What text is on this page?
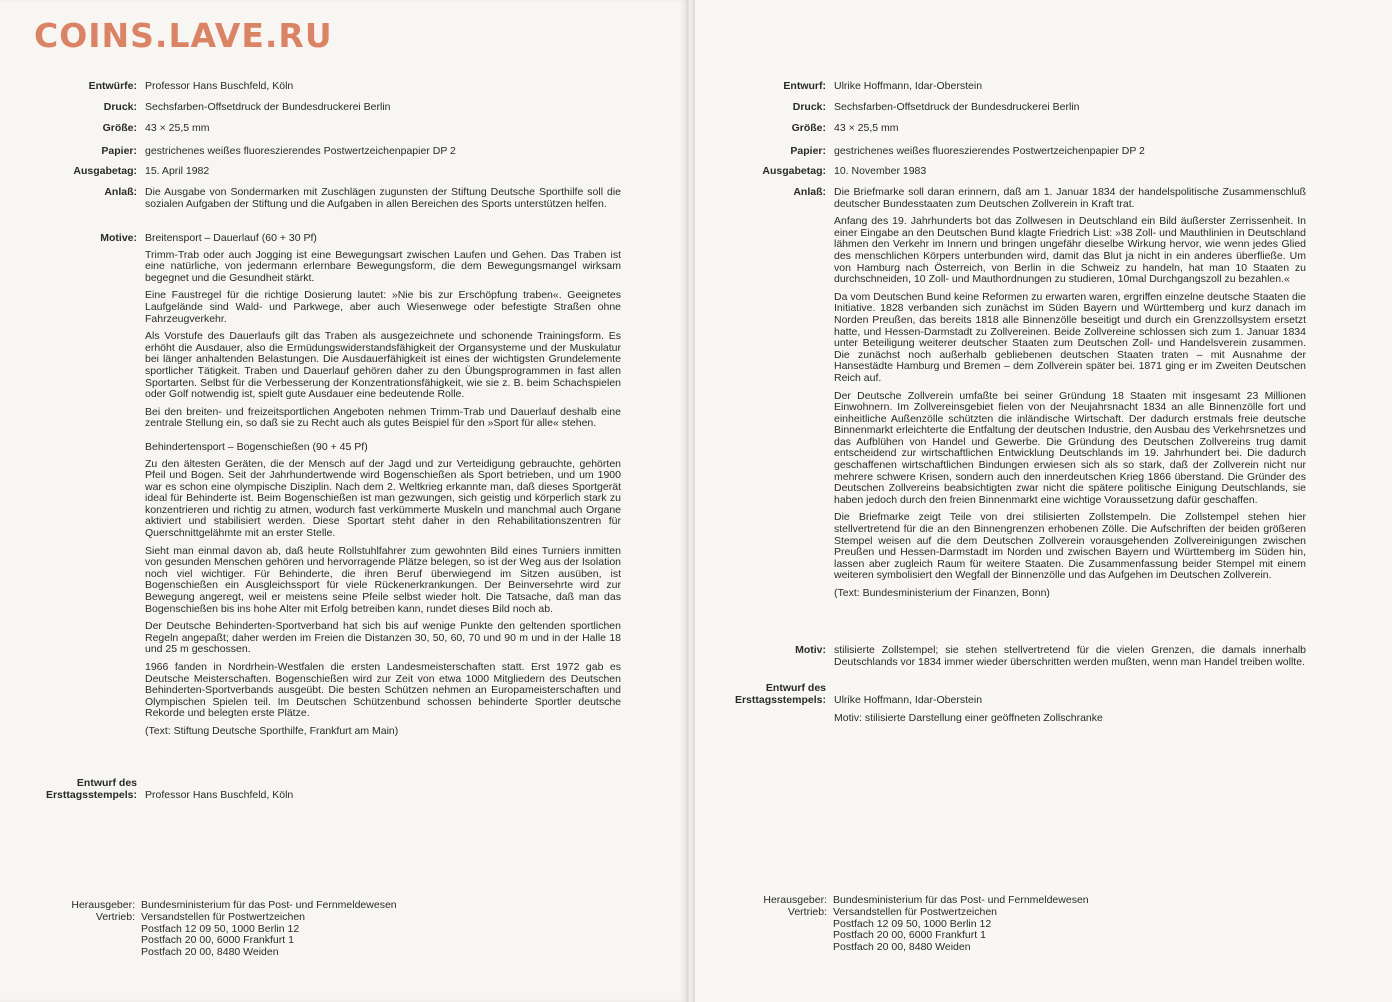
COINS.LAVE.RU
Entwürfe: Professor Hans Buschfeld, Köln
Druck: Sechsfarben-Offsetdruck der Bundesdruckerei Berlin
Größe: 43 × 25,5 mm
Papier: gestrichenes weißes fluoreszierendes Postwertzeichenpapier DP 2
Ausgabetag: 15. April 1982
Anlaß: Die Ausgabe von Sondermarken mit Zuschlägen zugunsten der Stiftung Deutsche Sporthilfe soll die sozialen Aufgaben der Stiftung und die Aufgaben in allen Bereichen des Sports unterstützen helfen.
Motive: Breitensport – Dauerlauf (60 + 30 Pf)

Trimm-Trab oder auch Jogging ist eine Bewegungsart zwischen Laufen und Gehen. Das Traben ist eine natürliche, von jedermann erlernbare Bewegungsform, die dem Bewegungsmangel wirksam begegnet und die Gesundheit stärkt.

Eine Faustregel für die richtige Dosierung lautet: »Nie bis zur Erschöpfung traben«. Geeignetes Laufgelände sind Wald- und Parkwege, aber auch Wiesenwege oder befestigte Straßen ohne Fahrzeugverkehr.

Als Vorstufe des Dauerlaufs gilt das Traben als ausgezeichnete und schonende Trainingsform. Es erhöht die Ausdauer, also die Ermüdungswiderstandsfähigkeit der Organsysteme und der Muskulatur bei länger anhaltenden Belastungen. Die Ausdauerfähigkeit ist eines der wichtigsten Grundelemente sportlicher Tätigkeit. Traben und Dauerlauf gehören daher zu den Übungsprogrammen in fast allen Sportarten. Selbst für die Verbesserung der Konzentrationsfähigkeit, wie sie z. B. beim Schachspielen oder Golf notwendig ist, spielt gute Ausdauer eine bedeutende Rolle.

Bei den breiten- und freizeitsportlichen Angeboten nehmen Trimm-Trab und Dauerlauf deshalb eine zentrale Stellung ein, so daß sie zu Recht auch als gutes Beispiel für den »Sport für alle« stehen.

Behindertensport – Bogenschießen (90 + 45 Pf)

Zu den ältesten Geräten, die der Mensch auf der Jagd und zur Verteidigung gebrauchte, gehörten Pfeil und Bogen. Seit der Jahrhundertwende wird Bogenschießen als Sport betrieben, und um 1900 war es schon eine olympische Disziplin. Nach dem 2. Weltkrieg erkannte man, daß dieses Sportgerät ideal für Behinderte ist. Beim Bogenschießen ist man gezwungen, sich geistig und körperlich stark zu konzentrieren und richtig zu atmen, wodurch fast verkümmerte Muskeln und manchmal auch Organe aktiviert und stabilisiert werden. Diese Sportart steht daher in den Rehabilitationszentren für Querschnittgelähmte mit an erster Stelle.

Sieht man einmal davon ab, daß heute Rollstuhlfahrer zum gewohnten Bild eines Turniers inmitten von gesunden Menschen gehören und hervorragende Plätze belegen, so ist der Weg aus der Isolation noch viel wichtiger. Für Behinderte, die ihren Beruf überwiegend im Sitzen ausüben, ist Bogenschießen ein Ausgleichssport für viele Rückenerkrankungen. Der Beinversehrte wird zur Bewegung angeregt, weil er meistens seine Pfeile selbst wieder holt. Die Tatsache, daß man das Bogenschießen bis ins hohe Alter mit Erfolg betreiben kann, rundet dieses Bild noch ab.

Der Deutsche Behinderten-Sportverband hat sich bis auf wenige Punkte den geltenden sportlichen Regeln angepaßt; daher werden im Freien die Distanzen 30, 50, 60, 70 und 90 m und in der Halle 18 und 25 m geschossen.

1966 fanden in Nordrhein-Westfalen die ersten Landesmeisterschaften statt. Erst 1972 gab es Deutsche Meisterschaften. Bogenschießen wird zur Zeit von etwa 1000 Mitgliedern des Deutschen Behinderten-Sportverbands ausgeübt. Die besten Schützen nehmen an Europameisterschaften und Olympischen Spielen teil. Im Deutschen Schützenbund schossen behinderte Sportler deutsche Rekorde und belegten erste Plätze.

(Text: Stiftung Deutsche Sporthilfe, Frankfurt am Main)

Entwurf des
Ersttagsstempels: Professor Hans Buschfeld, Köln
Herausgeber: Bundesministerium für das Post- und Fernmeldewesen
Vertrieb: Versandstellen für Postwertzeichen
Postfach 12 09 50, 1000 Berlin 12
Postfach 20 00, 6000 Frankfurt 1
Postfach 20 00, 8480 Weiden
Entwurf: Ulrike Hoffmann, Idar-Oberstein
Druck: Sechsfarben-Offsetdruck der Bundesdruckerei Berlin
Größe: 43 × 25,5 mm
Papier: gestrichenes weißes fluoreszierendes Postwertzeichenpapier DP 2
Ausgabetag: 10. November 1983
Anlaß: Die Briefmarke soll daran erinnern, daß am 1. Januar 1834 der handelspolitische Zusammenschluß deutscher Bundesstaaten zum Deutschen Zollverein in Kraft trat.

Anfang des 19. Jahrhunderts bot das Zollwesen in Deutschland ein Bild äußerster Zerrissenheit. In einer Eingabe an den Deutschen Bund klagte Friedrich List: »38 Zoll- und Mauthlinien in Deutschland lähmen den Verkehr im Innern und bringen ungefähr dieselbe Wirkung hervor, wie wenn jedes Glied des menschlichen Körpers unterbunden wird, damit das Blut ja nicht in ein anderes überfließe. Um von Hamburg nach Österreich, von Berlin in die Schweiz zu handeln, hat man 10 Staaten zu durchschneiden, 10 Zoll- und Mauthordnungen zu studieren, 10mal Durchgangszoll zu bezahlen.«

Da vom Deutschen Bund keine Reformen zu erwarten waren, ergriffen einzelne deutsche Staaten die Initiative. 1828 verbanden sich zunächst im Süden Bayern und Württemberg und kurz danach im Norden Preußen, das bereits 1818 alle Binnenzölle beseitigt und durch ein Grenzzollsystem ersetzt hatte, und Hessen-Darmstadt zu Zollvereinen. Beide Zollvereine schlossen sich zum 1. Januar 1834 unter Beteiligung weiterer deutscher Staaten zum Deutschen Zoll- und Handelsverein zusammen. Die zunächst noch außerhalb gebliebenen deutschen Staaten traten – mit Ausnahme der Hansestädte Hamburg und Bremen – dem Zollverein später bei. 1871 ging er im Zweiten Deutschen Reich auf.

Der Deutsche Zollverein umfaßte bei seiner Gründung 18 Staaten mit insgesamt 23 Millionen Einwohnern. Im Zollvereinsgebiet fielen von der Neujahrsnacht 1834 an alle Binnenzölle fort und einheitliche Außenzölle schützten die inländische Wirtschaft. Der dadurch erstmals freie deutsche Binnenmarkt erleichterte die Entfaltung der deutschen Industrie, den Ausbau des Verkehrsnetzes und das Aufblühen von Handel und Gewerbe. Die Gründung des Deutschen Zollvereins trug damit entscheidend zur wirtschaftlichen Entwicklung Deutschlands im 19. Jahrhundert bei. Die dadurch geschaffenen wirtschaftlichen Bindungen erwiesen sich als so stark, daß der Zollverein nicht nur mehrere schwere Krisen, sondern auch den innerdeutschen Krieg 1866 überstand. Die Gründer des Deutschen Zollvereins beabsichtigten zwar nicht die spätere politische Einigung Deutschlands, sie haben jedoch durch den freien Binnenmarkt eine wichtige Voraussetzung dafür geschaffen.

Die Briefmarke zeigt Teile von drei stilisierten Zollstempeln. Die Zollstempel stehen hier stellvertretend für die an den Binnengrenzen erhobenen Zölle. Die Aufschriften der beiden größeren Stempel weisen auf die dem Deutschen Zollverein vorausgehenden Zollvereinigungen zwischen Preußen und Hessen-Darmstadt im Norden und zwischen Bayern und Württemberg im Süden hin, lassen aber zugleich Raum für weitere Staaten. Die Zusammenfassung beider Stempel mit einem weiteren symbolisiert den Wegfall der Binnenzölle und das Aufgehen im Deutschen Zollverein.

(Text: Bundesministerium der Finanzen, Bonn)

Motiv: stilisierte Zollstempel; sie stehen stellvertretend für die vielen Grenzen, die damals innerhalb Deutschlands vor 1834 immer wieder überschritten werden mußten, wenn man Handel treiben wollte.
Entwurf des
Ersttagsstempels: Ulrike Hoffmann, Idar-Oberstein

Motiv: stilisierte Darstellung einer geöffneten Zollschranke

Herausgeber: Bundesministerium für das Post- und Fernmeldewesen
Vertrieb: Versandstellen für Postwertzeichen
Postfach 12 09 50, 1000 Berlin 12
Postfach 20 00, 6000 Frankfurt 1
Postfach 20 00, 8480 Weiden
